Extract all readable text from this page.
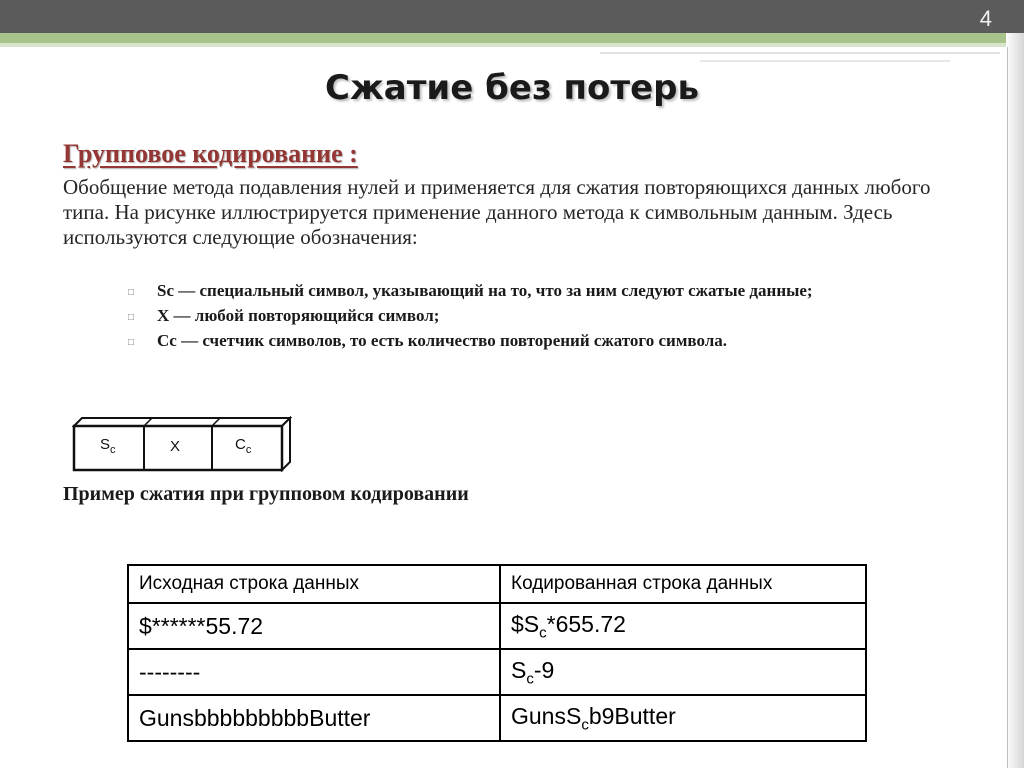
4
Сжатие без потерь
Групповое кодирование :
Обобщение метода подавления нулей и применяется для сжатия повторяющихся данных любого типа. На рисунке иллюстрируется применение данного метода к символьным данным. Здесь используются следующие обозначения:
□ Sc — специальный символ, указывающий на то, что за ним следуют сжатые данные;
□ X — любой повторяющийся символ;
□ Cc — счетчик символов, то есть количество повторений сжатого символа.
$S_c$	X	$C_c$
Пример сжатия при групповом кодировании
Исходная строка данных	Кодированная строка данных
$******55.72	$\$S_c*655.72$
--------	$S_c-9$
GunsbbbbbbbbbButter	GunsS$_c$b9Butter
